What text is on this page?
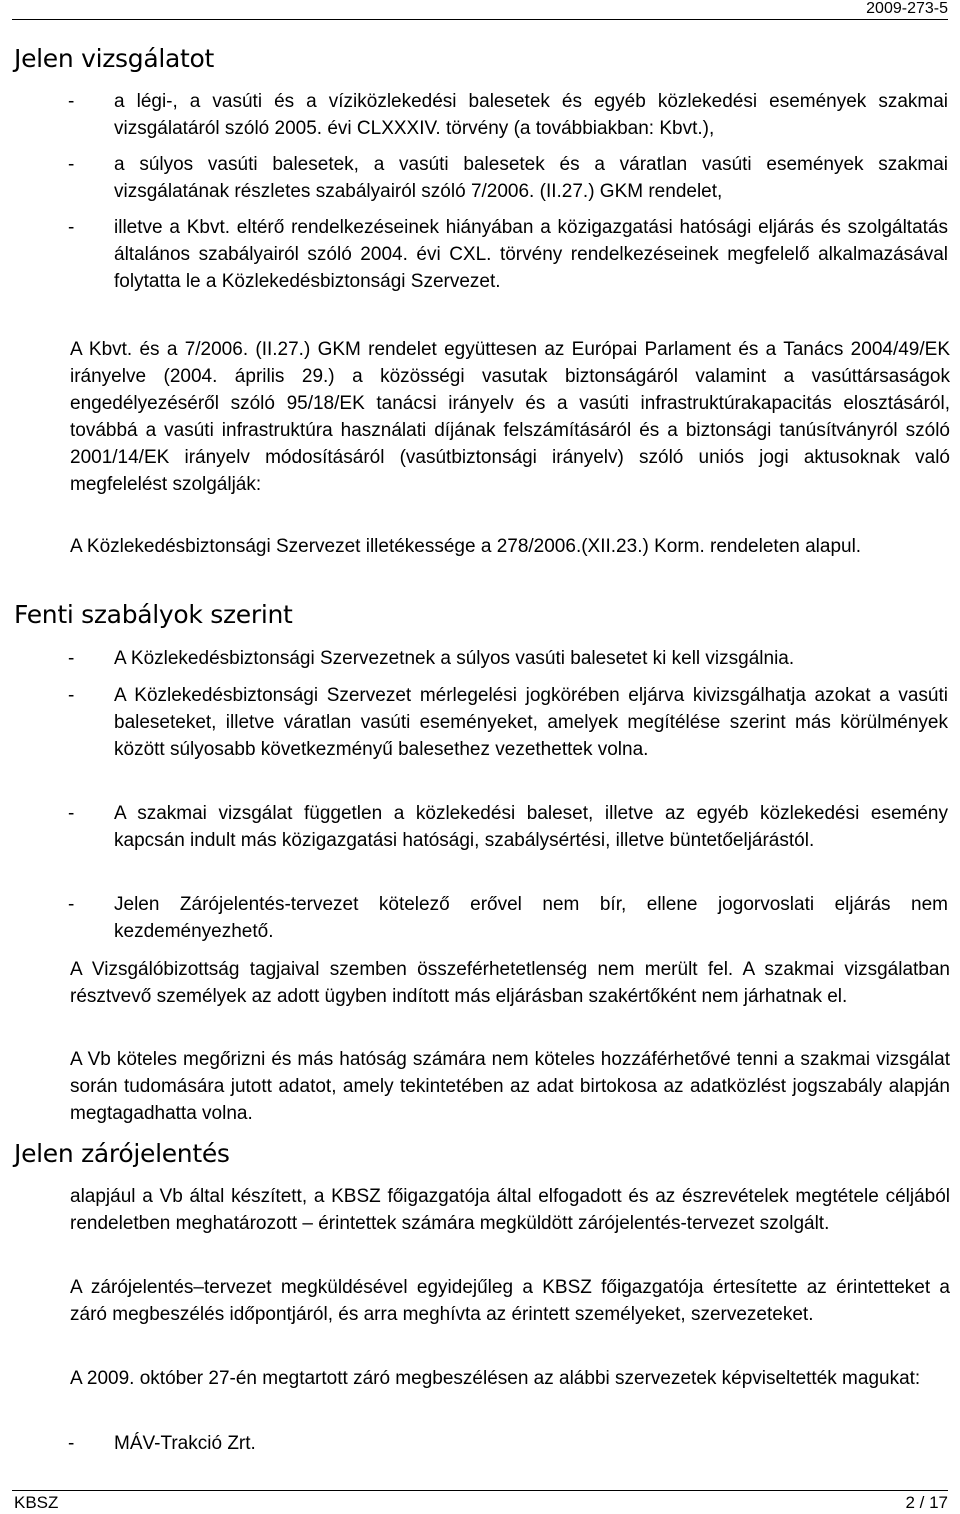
2009-273-5
Jelen vizsgálatot
-	a légi-, a vasúti és a víziközlekedési balesetek és egyéb közlekedési események szakmai vizsgálatáról szóló 2005. évi CLXXXIV. törvény (a továbbiakban: Kbvt.),
-	a súlyos vasúti balesetek, a vasúti balesetek és a váratlan vasúti események szakmai vizsgálatának részletes szabályairól szóló 7/2006. (II.27.) GKM rendelet,
-	illetve a Kbvt. eltérő rendelkezéseinek hiányában a közigazgatási hatósági eljárás és szolgáltatás általános szabályairól szóló 2004. évi CXL. törvény rendelkezéseinek megfelelő alkalmazásával folytatta le a Közlekedésbiztonsági Szervezet.

A Kbvt. és a 7/2006. (II.27.) GKM rendelet együttesen az Európai Parlament és a Tanács 2004/49/EK irányelve (2004. április 29.) a közösségi vasutak biztonságáról valamint a vasúttársaságok engedélyezéséről szóló 95/18/EK tanácsi irányelv és a vasúti infrastruktúrakapacitás elosztásáról, továbbá a vasúti infrastruktúra használati díjának felszámításáról és a biztonsági tanúsítványról szóló 2001/14/EK irányelv módosításáról (vasútbiztonsági irányelv) szóló uniós jogi aktusoknak való megfelelést szolgálják:

A Közlekedésbiztonsági Szervezet illetékessége a 278/2006.(XII.23.) Korm. rendeleten alapul.

Fenti szabályok szerint
-	A Közlekedésbiztonsági Szervezetnek a súlyos vasúti balesetet ki kell vizsgálnia.
-	A Közlekedésbiztonsági Szervezet mérlegelési jogkörében eljárva kivizsgálhatja azokat a vasúti baleseteket, illetve váratlan vasúti eseményeket, amelyek megítélése szerint más körülmények között súlyosabb következményű balesethez vezethettek volna.
-	A szakmai vizsgálat független a közlekedési baleset, illetve az egyéb közlekedési esemény kapcsán indult más közigazgatási hatósági, szabálysértési, illetve büntetőeljárástól.
-	Jelen Zárójelentés-tervezet kötelező erővel nem bír, ellene jogorvoslati eljárás nem kezdeményezhető.

A Vizsgálóbizottság tagjaival szemben összeférhetetlenség nem merült fel. A szakmai vizsgálatban résztvevő személyek az adott ügyben indított más eljárásban szakértőként nem járhatnak el.

A Vb köteles megőrizni és más hatóság számára nem köteles hozzáférhetővé tenni a szakmai vizsgálat során tudomására jutott adatot, amely tekintetében az adat birtokosa az adatközlést jogszabály alapján megtagadhatta volna.

Jelen zárójelentés

alapjául a Vb által készített, a KBSZ főigazgatója által elfogadott és az észrevételek megtétele céljából rendeletben meghatározott – érintettek számára megküldött zárójelentés-tervezet szolgált.

A zárójelentés–tervezet megküldésével egyidejűleg a KBSZ főigazgatója értesítette az érintetteket a záró megbeszélés időpontjáról, és arra meghívta az érintett személyeket, szervezeteket.

A 2009. október 27-én megtartott záró megbeszélésen az alábbi szervezetek képviseltették magukat:

-	MÁV-Trakció Zrt.
KBSZ	2 / 17
